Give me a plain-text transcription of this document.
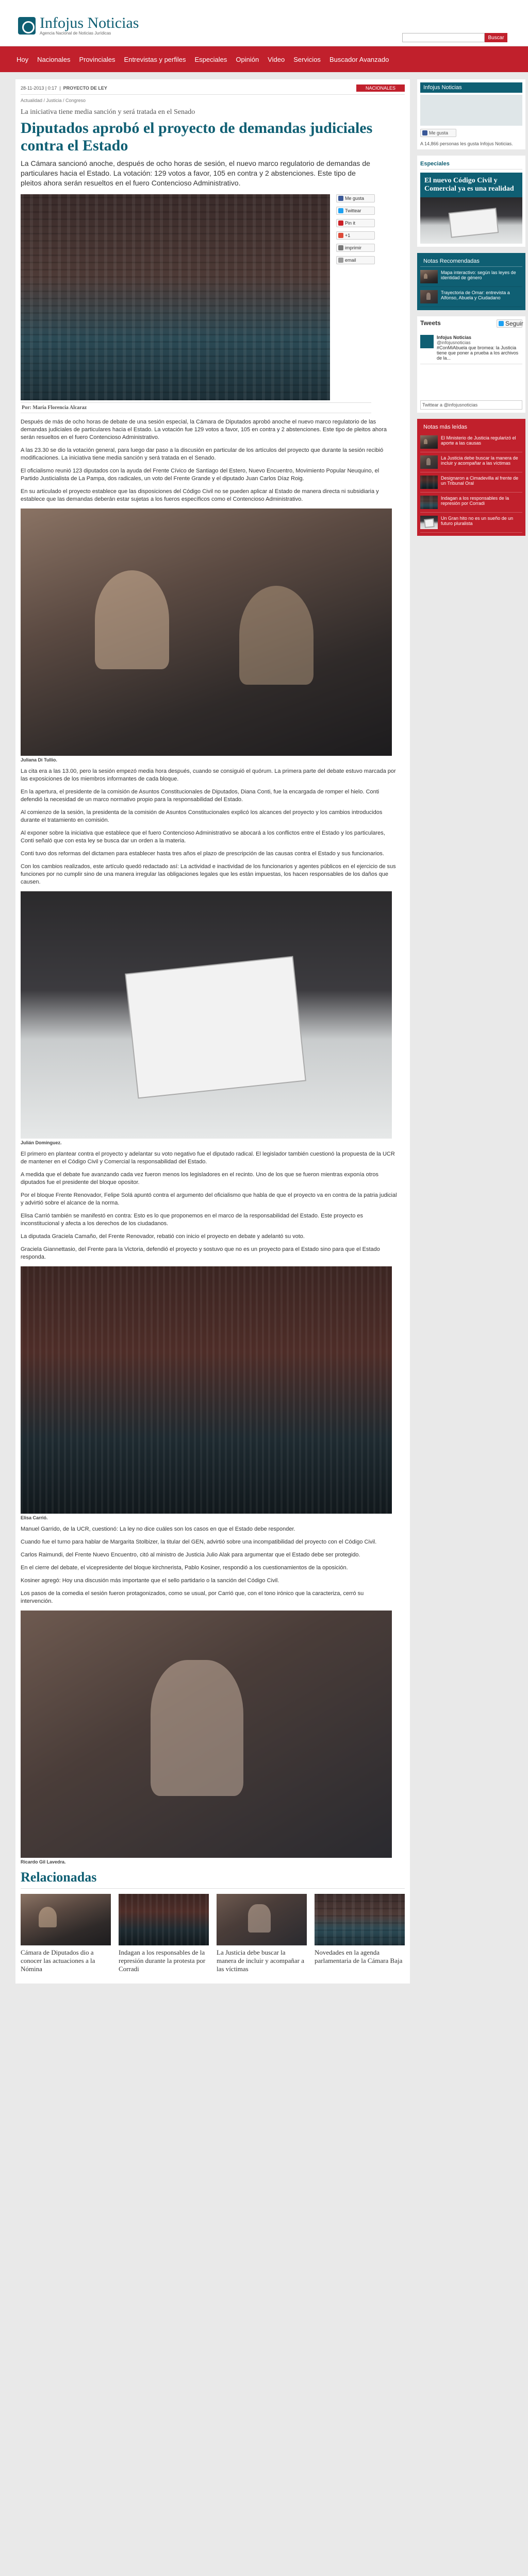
Infojus Noticias
Agencia Nacional de Noticias Jurídicas
Buscar
Hoy Nacionales Provinciales Entrevistas y perfiles Especiales Opinión Video Servicios Buscador Avanzado
28-11-2013 | 0:17  |  PROYECTO DE LEY	NACIONALES
Actualidad / Justicia / Congreso
La iniciativa tiene media sanción y será tratada en el Senado
Diputados aprobó el proyecto de demandas judiciales contra el Estado
La Cámara sancionó anoche, después de ocho horas de sesión, el nuevo marco regulatorio de demandas de particulares hacia el Estado. La votación: 129 votos a favor, 105 en contra y 2 abstenciones. Este tipo de pleitos ahora serán resueltos en el fuero Contencioso Administrativo.
Me gusta
Twittear
Pin it
+1
imprimir
email
Por: María Florencia Alcaraz

Después de más de ocho horas de debate de una sesión especial, la Cámara de Diputados aprobó anoche el nuevo marco regulatorio de las demandas judiciales de particulares hacia el Estado. La votación fue 129 votos a favor, 105 en contra y 2 abstenciones. Este tipo de pleitos ahora serán resueltos en el fuero Contencioso Administrativo.

A las 23.30 se dio la votación general, para luego dar paso a la discusión en particular de los artículos del proyecto que durante la sesión recibió modificaciones. La iniciativa tiene media sanción y será tratada en el Senado.

El oficialismo reunió 123 diputados con la ayuda del Frente Cívico de Santiago del Estero, Nuevo Encuentro, Movimiento Popular Neuquino, el Partido Justicialista de La Pampa, dos radicales, un voto del Frente Grande y el diputado Juan Carlos Díaz Roig.

En su articulado el proyecto establece que las disposiciones del Código Civil no se pueden aplicar al Estado de manera directa ni subsidiaria y establece que las demandas deberán estar sujetas a los fueros específicos como el Contencioso Administrativo.

Juliana Di Tullio.

La cita era a las 13.00, pero la sesión empezó media hora después, cuando se consiguió el quórum. La primera parte del debate estuvo marcada por las exposiciones de los miembros informantes de cada bloque.

En la apertura, el presidente de la comisión de Asuntos Constitucionales de Diputados, Diana Conti, fue la encargada de romper el hielo. Conti defendió la necesidad de un marco normativo propio para la responsabilidad del Estado.

Al comienzo de la sesión, la presidenta de la comisión de Asuntos Constitucionales explicó los alcances del proyecto y los cambios introducidos durante el tratamiento en comisión.

Al exponer sobre la iniciativa que establece que el fuero Contencioso Administrativo se abocará a los conflictos entre el Estado y los particulares, Conti señaló que con esta ley se busca dar un orden a la materia.

Conti tuvo dos reformas del dictamen para establecer hasta tres años el plazo de prescripción de las causas contra el Estado y sus funcionarios.

Con los cambios realizados, este artículo quedó redactado así: La actividad e inactividad de los funcionarios y agentes públicos en el ejercicio de sus funciones por no cumplir sino de una manera irregular las obligaciones legales que les están impuestas, los hacen responsables de los daños que causen.

Julián Domínguez.

El primero en plantear contra el proyecto y adelantar su voto negativo fue el diputado radical. El legislador también cuestionó la propuesta de la UCR de mantener en el Código Civil y Comercial la responsabilidad del Estado.

A medida que el debate fue avanzando cada vez fueron menos los legisladores en el recinto. Uno de los que se fueron mientras exponía otros diputados fue el presidente del bloque opositor.

Por el bloque Frente Renovador, Felipe Solá apuntó contra el argumento del oficialismo que habla de que el proyecto va en contra de la patria judicial y advirtió sobre el alcance de la norma.

Elisa Carrió también se manifestó en contra: Esto es lo que proponemos en el marco de la responsabilidad del Estado. Este proyecto es inconstitucional y afecta a los derechos de los ciudadanos.

La diputada Graciela Camaño, del Frente Renovador, rebatió con inicio el proyecto en debate y adelantó su voto.

Graciela Giannettasio, del Frente para la Victoria, defendió el proyecto y sostuvo que no es un proyecto para el Estado sino para que el Estado responda.

Elisa Carrió.

Manuel Garrido, de la UCR, cuestionó: La ley no dice cuáles son los casos en que el Estado debe responder.

Cuando fue el turno para hablar de Margarita Stolbizer, la titular del GEN, advirtió sobre una incompatibilidad del proyecto con el Código Civil.

Carlos Raimundi, del Frente Nuevo Encuentro, citó al ministro de Justicia Julio Alak para argumentar que el Estado debe ser protegido.

En el cierre del debate, el vicepresidente del bloque kirchnerista, Pablo Kosiner, respondió a los cuestionamientos de la oposición.

Kosiner agregó: Hoy una discusión más importante que el sello partidario o la sanción del Código Civil.

Los pasos de la comedia el sesión fueron protagonizados, como se usual, por Carrió que, con el tono irónico que la caracteriza, cerró su intervención.

Ricardo Gil Lavedra.
Relacionadas

Cámara de Diputados dio a conocer las actuaciones a la Nómina

Indagan a los responsables de la represión durante la protesta por Corradi

La Justicia debe buscar la manera de incluir y acompañar a las víctimas

Novedades en la agenda parlamentaria de la Cámara Baja

Infojus Noticias
Me gusta
A 14,866 personas les gusta Infojus Noticias.
Especiales
El nuevo Código Civil y Comercial ya es una realidad
Notas Recomendadas
Mapa interactivo: según las leyes de identidad de género
Trayectoria de Omar: entrevista a Alfonso, Abuela y Ciudadano
Tweets	Seguir
Infojus Noticias
@infojusnoticias
#ConMiAbuela que bromea: la Justicia tiene que poner a prueba a los archivos de la...
Twittear a @infojusnoticias
Notas más leídas
El Ministerio de Justicia regularizó el aporte a las causas
La Justicia debe buscar la manera de incluir y acompañar a las víctimas
Designaron a Cimadevilla al frente de un Tribunal Oral
Indagan a los responsables de la represión por Corradi
Un Gran hito no es un sueño de un futuro pluralista
